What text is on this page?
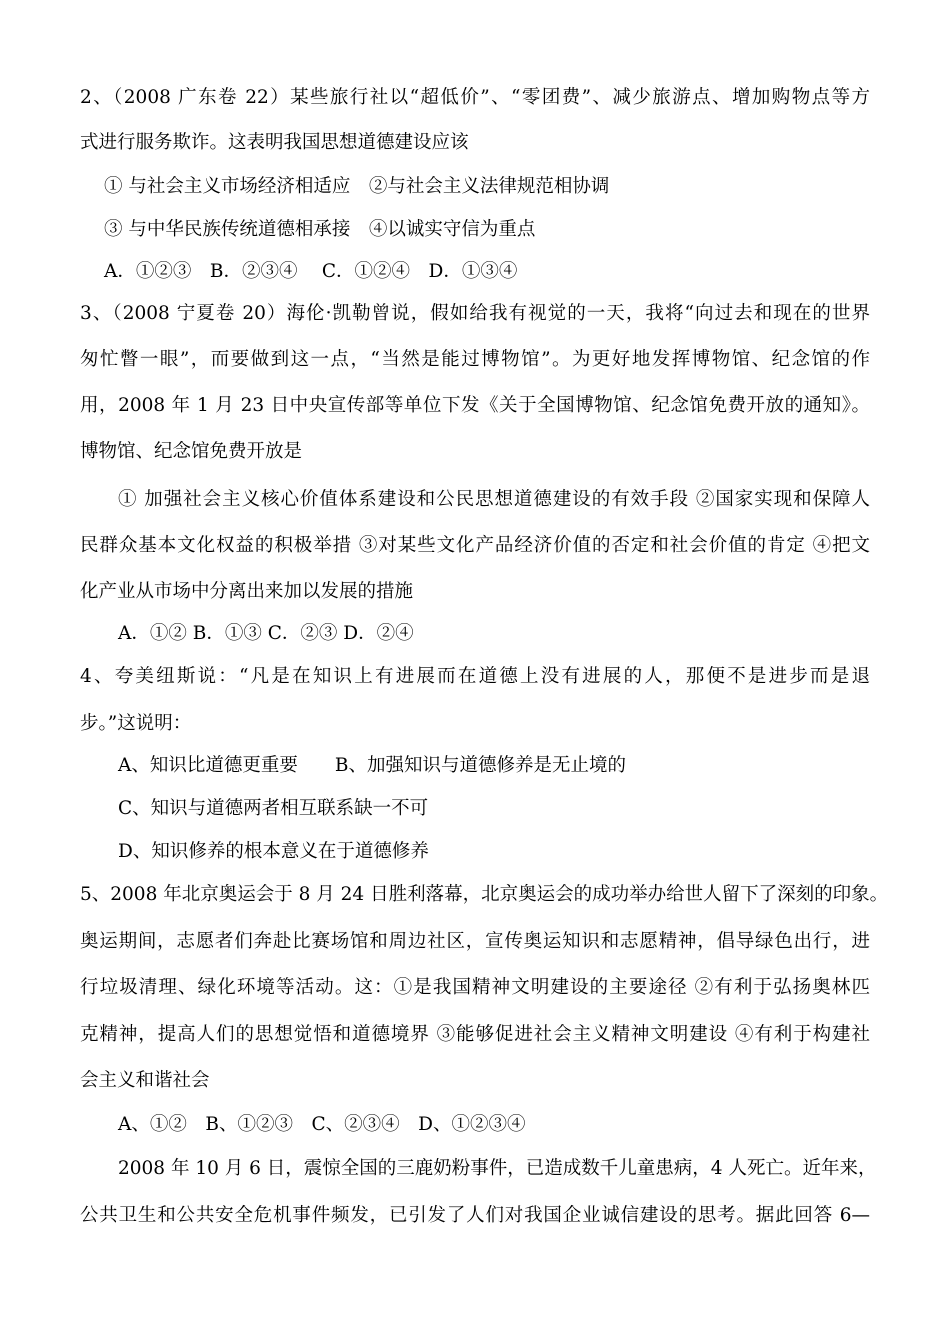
2、（2008 广东卷 22）某些旅行社以“超低价”、“零团费”、减少旅游点、增加购物点等方
式进行服务欺诈。这表明我国思想道德建设应该
① 与社会主义市场经济相适应　②与社会主义法律规范相协调
③ 与中华民族传统道德相承接　④以诚实守信为重点
A．①②③　B．②③④　 C．①②④　D．①③④
3、（2008 宁夏卷 20）海伦·凯勒曾说，假如给我有视觉的一天，我将“向过去和现在的世界
匆忙瞥一眼”，而要做到这一点，“当然是能过博物馆”。为更好地发挥博物馆、纪念馆的作
用，2008 年 1 月 23 日中央宣传部等单位下发《关于全国博物馆、纪念馆免费开放的通知》。
博物馆、纪念馆免费开放是
① 加强社会主义核心价值体系建设和公民思想道德建设的有效手段 ②国家实现和保障人
民群众基本文化权益的积极举措 ③对某些文化产品经济价值的否定和社会价值的肯定 ④把文
化产业从市场中分离出来加以发展的措施
A．①② B．①③ C．②③ D．②④
4、夸美纽斯说：“凡是在知识上有进展而在道德上没有进展的人，那便不是进步而是退
步。”这说明：
A、知识比道德更重要　　B、加强知识与道德修养是无止境的
C、知识与道德两者相互联系缺一不可
D、知识修养的根本意义在于道德修养
5、2008 年北京奥运会于 8 月 24 日胜利落幕，北京奥运会的成功举办给世人留下了深刻的印象。
奥运期间，志愿者们奔赴比赛场馆和周边社区，宣传奥运知识和志愿精神，倡导绿色出行，进
行垃圾清理、绿化环境等活动。这：①是我国精神文明建设的主要途径 ②有利于弘扬奥林匹
克精神，提高人们的思想觉悟和道德境界 ③能够促进社会主义精神文明建设 ④有利于构建社
会主义和谐社会
A、①②　B、①②③　C、②③④　D、①②③④
2008 年 10 月 6 日，震惊全国的三鹿奶粉事件，已造成数千儿童患病，4 人死亡。近年来，
公共卫生和公共安全危机事件频发，已引发了人们对我国企业诚信建设的思考。据此回答 6—
